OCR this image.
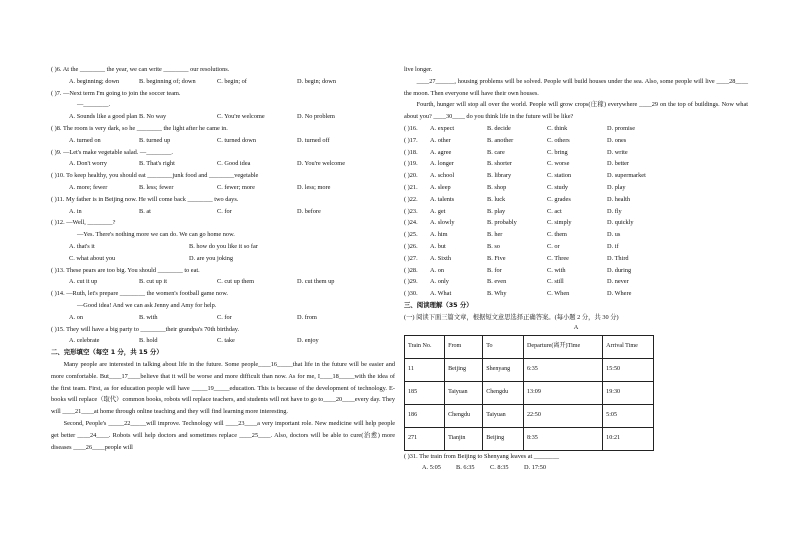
( )6. At the ________ the year, we can write ________ our resolutions.
A. beginning; down	B. beginning of; down	C. begin; of	D. begin; down
( )7. —Next term I'm going to join the soccer team.
—________.
A. Sounds like a good plan B. No way	C. You're welcome	D. No problem
( )8. The room is very dark, so he ________ the light after he came in.
A. turned on	B. turned up	C. turned down	D. turned off
( )9. —Let's make vegetable salad. —________.
A. Don't worry	B. That's right	C. Good idea	D. You're welcome
( )10. To keep healthy, you should eat ________junk food and ________vegetable
A. more; fewer	B. less; fewer	C. fewer; more	D. less; more
( )11. My father is in Beijing now. He will come back ________ two days.
A. in	B. at	C. for	D. before
( )12. —Well, ________?
—Yes. There's nothing more we can do. We can go home now.
A. that's it	B. how do you like it so far
C. what about you	D. are you joking
( )13. These pears are too big. You should ________ to eat.
A. cut it up	B. cut up it	C. cut up them	D. cut them up
( )14. —Ruth, let's prepare ________ the women's football game now.
—Good idea! And we can ask Jenny and Amy for help.
A. on	B. with	C. for	D. from
( )15. They will have a big party to ________their grandpa's 70th birthday.
A. celebrate	B. hold	C. take	D. enjoy
二、完形填空（每空 1 分，共 15 分）
Many people are interested in talking about life in the future. Some people____16_____that life in the future will be easier and more comfortable. But____17____believe that it will be worse and more difficult than now. As for me, I____18_____with the idea of the first team. First, as for education people will have _____19_____education. This is because of the development of technology. E-books will replace（取代）common books, robots will replace teachers, and students will not have to go to____20____every day. They will ____21____at home through online teaching and they will find learning more interesting.
Second, People's _____22_____will improve. Technology will ____23____a very important role. New medicine will help people get better ____24____. Robots will help doctors and sometimes replace ____25____. Also, doctors will be able to cure(治愈) more diseases ____26____people will
live longer.
____27______, housing problems will be solved. People will build houses under the sea. Also, some people will live ____28____ the moon. Then everyone will have their own houses.
Fourth, hunger will stop all over the world. People will grow crops(庄稼) everywhere ____29 on the top of buildings. Now what about you? ____30____ do you think life in the future will be like?
( )16. A. expect	B. decide	C. think	D. promise
( )17. A. other	B. another	C. others	D. ones
( )18. A. agree	B. care	C. bring	D. write
( )19. A. longer	B. shorter	C. worse	D. better
( )20. A. school	B. library	C. station	D. supermarket
( )21. A. sleep	B. shop	C. study	D. play
( )22. A. talents	B. luck	C. grades	D. health
( )23. A. get	B. play	C. act	D. fly
( )24. A. slowly	B. probably	C. simply	D. quickly
( )25. A. him	B. her	C. them	D. us
( )26. A. but	B. so	C. or	D. if
( )27. A. Sixth	B. Five	C. Three	D. Third
( )28. A. on	B. for	C. with	D. during
( )29. A. only	B. even	C. still	D. never
( )30. A. What	B. Why	C. When	D. Where
三、阅读理解（35 分）
(一) 阅读下面三篇文章，根据短文意思选择正确答案。(每小题 2 分，共 30 分)
A
Train No.	From	To	Departure(离开)Time	Arrival Time
11	Beijing	Shenyang	6:35	15:50
185	Taiyuan	Chengdu	13:09	19:30
186	Chengdu	Taiyuan	22:50	5:05
271	Tianjin	Beijing	8:35	10:21
( )31. The train from Beijing to Shenyang leaves at ________
A. 5:05 B. 6:35 C. 8:35 D. 17:50
